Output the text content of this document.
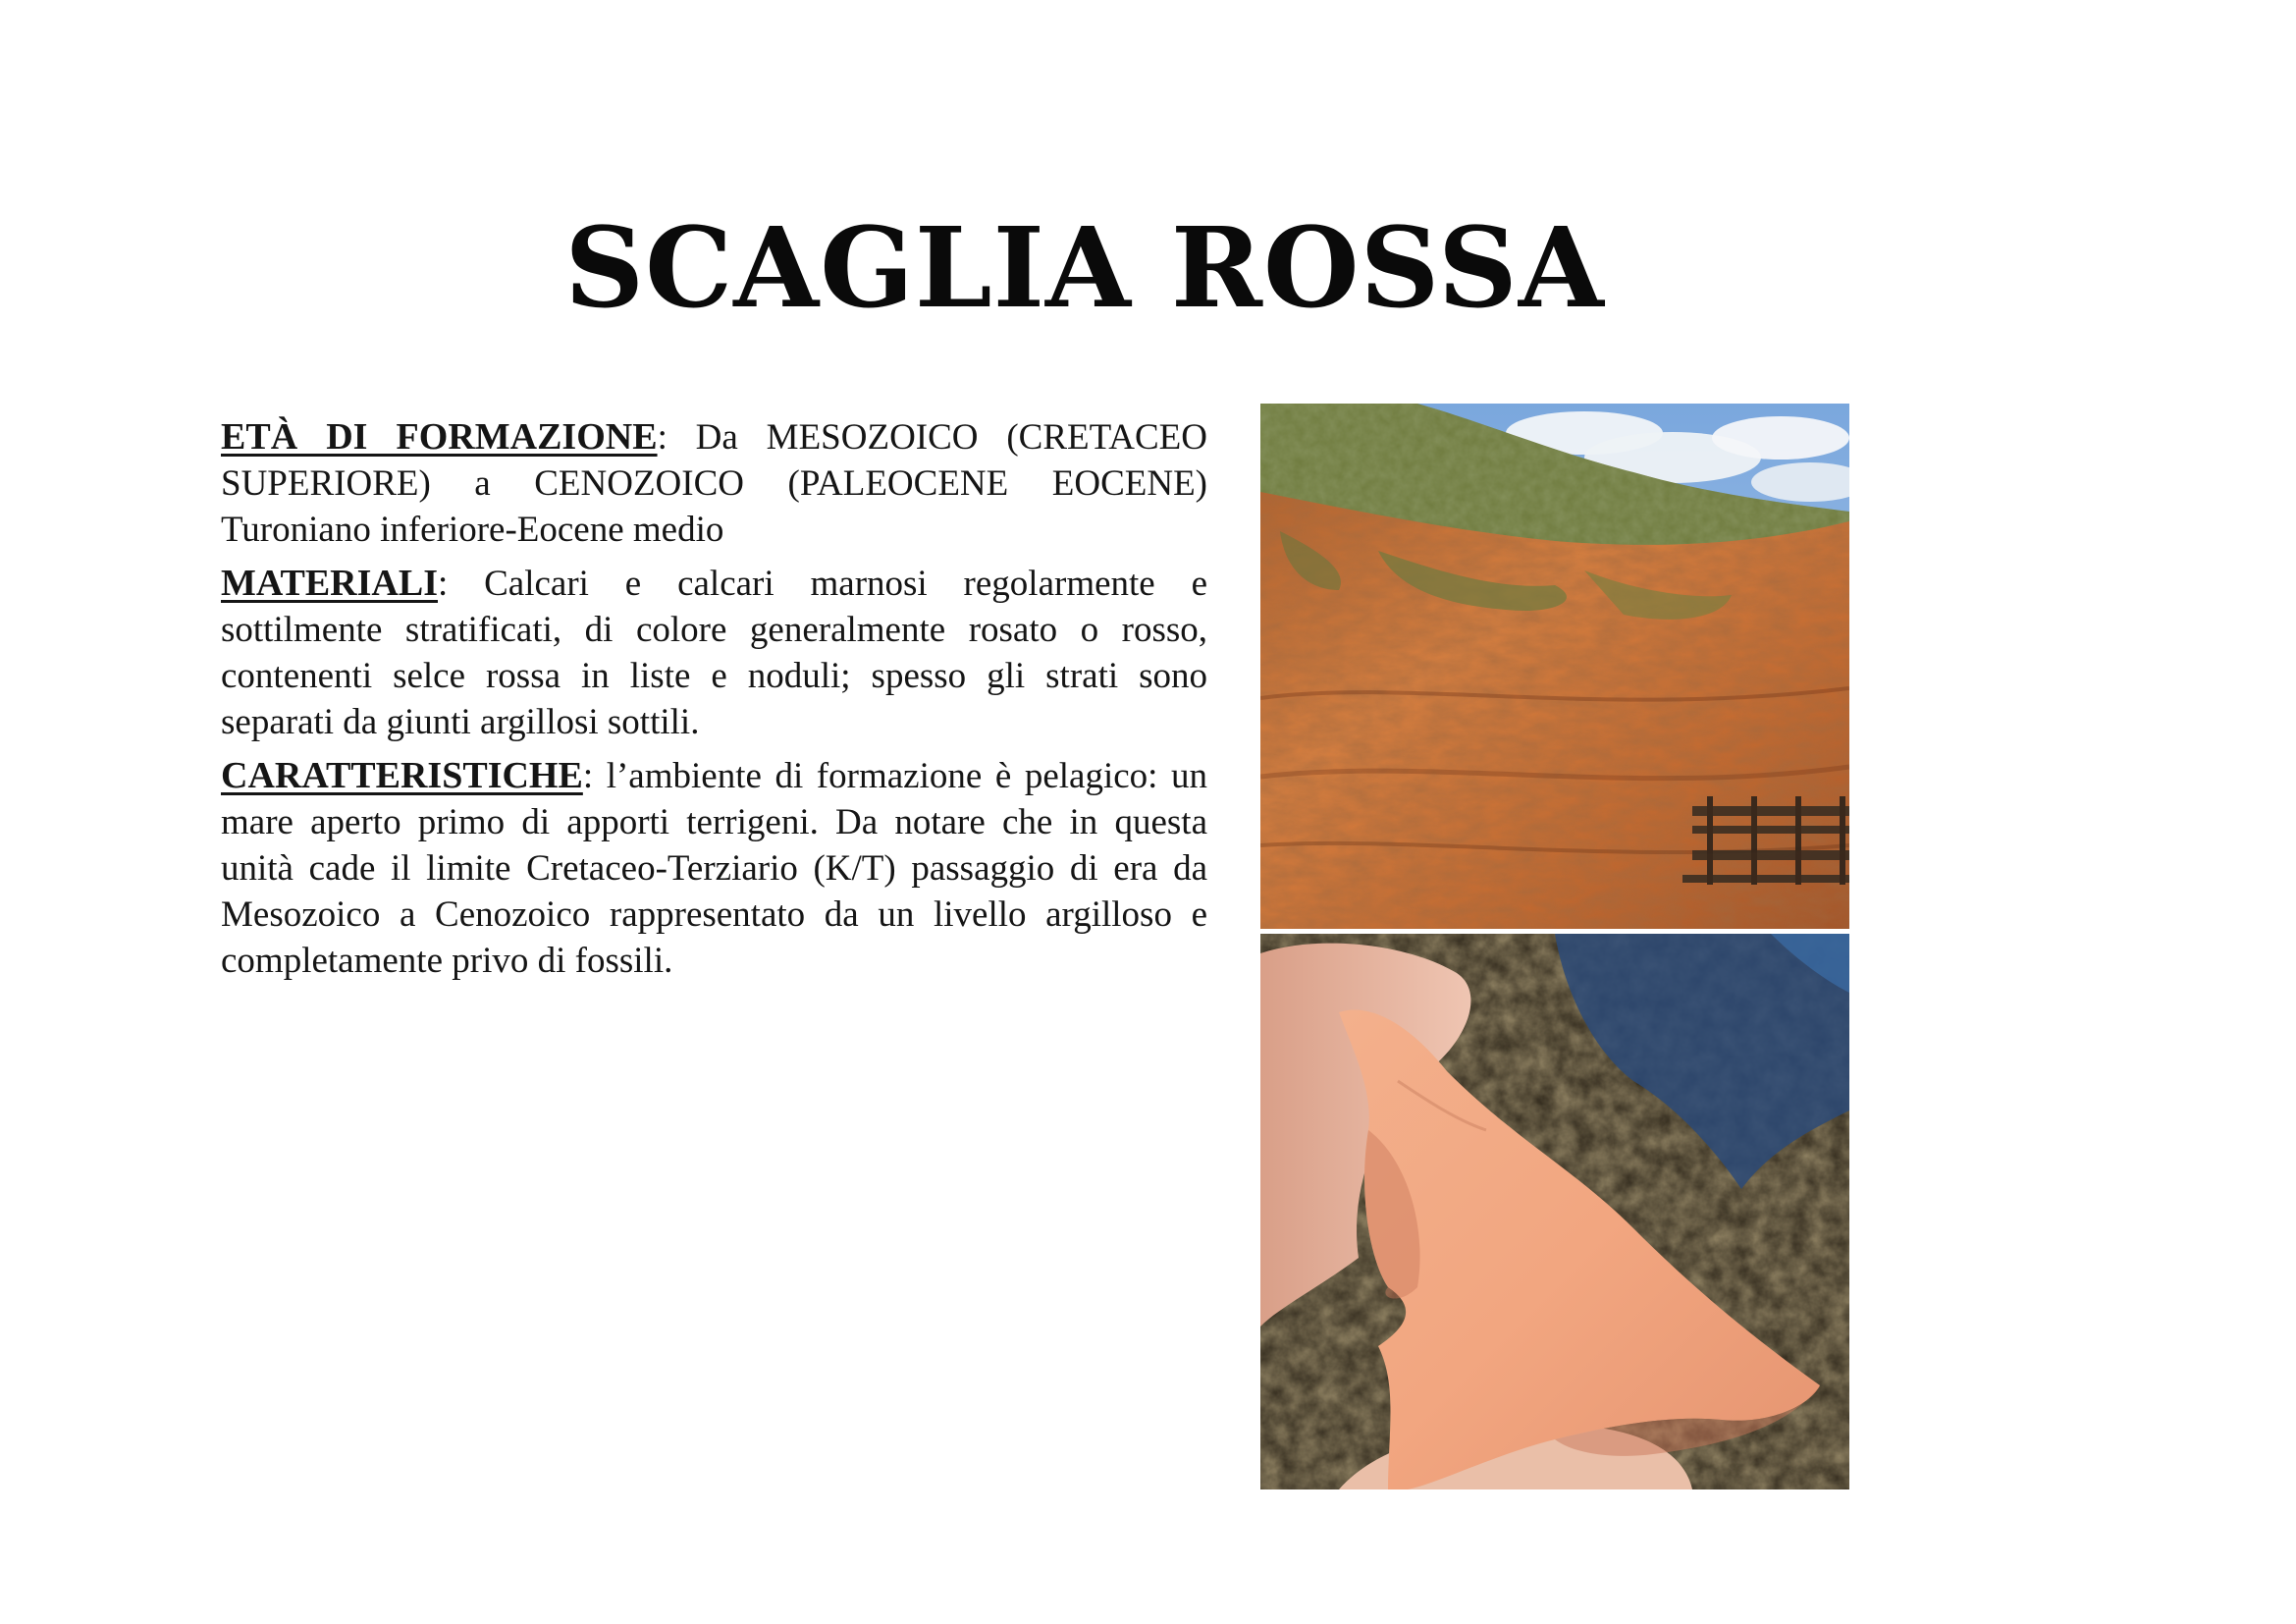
SCAGLIA ROSSA

ETÀ DI FORMAZIONE: Da MESOZOICO (CRETACEO SUPERIORE) a CENOZOICO (PALEOCENE EOCENE) Turoniano inferiore-Eocene medio

MATERIALI: Calcari e calcari marnosi regolarmente e sottilmente stratificati, di colore generalmente rosato o rosso, contenenti selce rossa in liste e noduli; spesso gli strati sono separati da giunti argillosi sottili.

CARATTERISTICHE: l’ambiente di formazione è pelagico: un mare aperto primo di apporti terrigeni. Da notare che in questa unità cade il limite Cretaceo-Terziario (K/T) passaggio di era da Mesozoico a Cenozoico rappresentato da un livello argilloso e completamente privo di fossili.
